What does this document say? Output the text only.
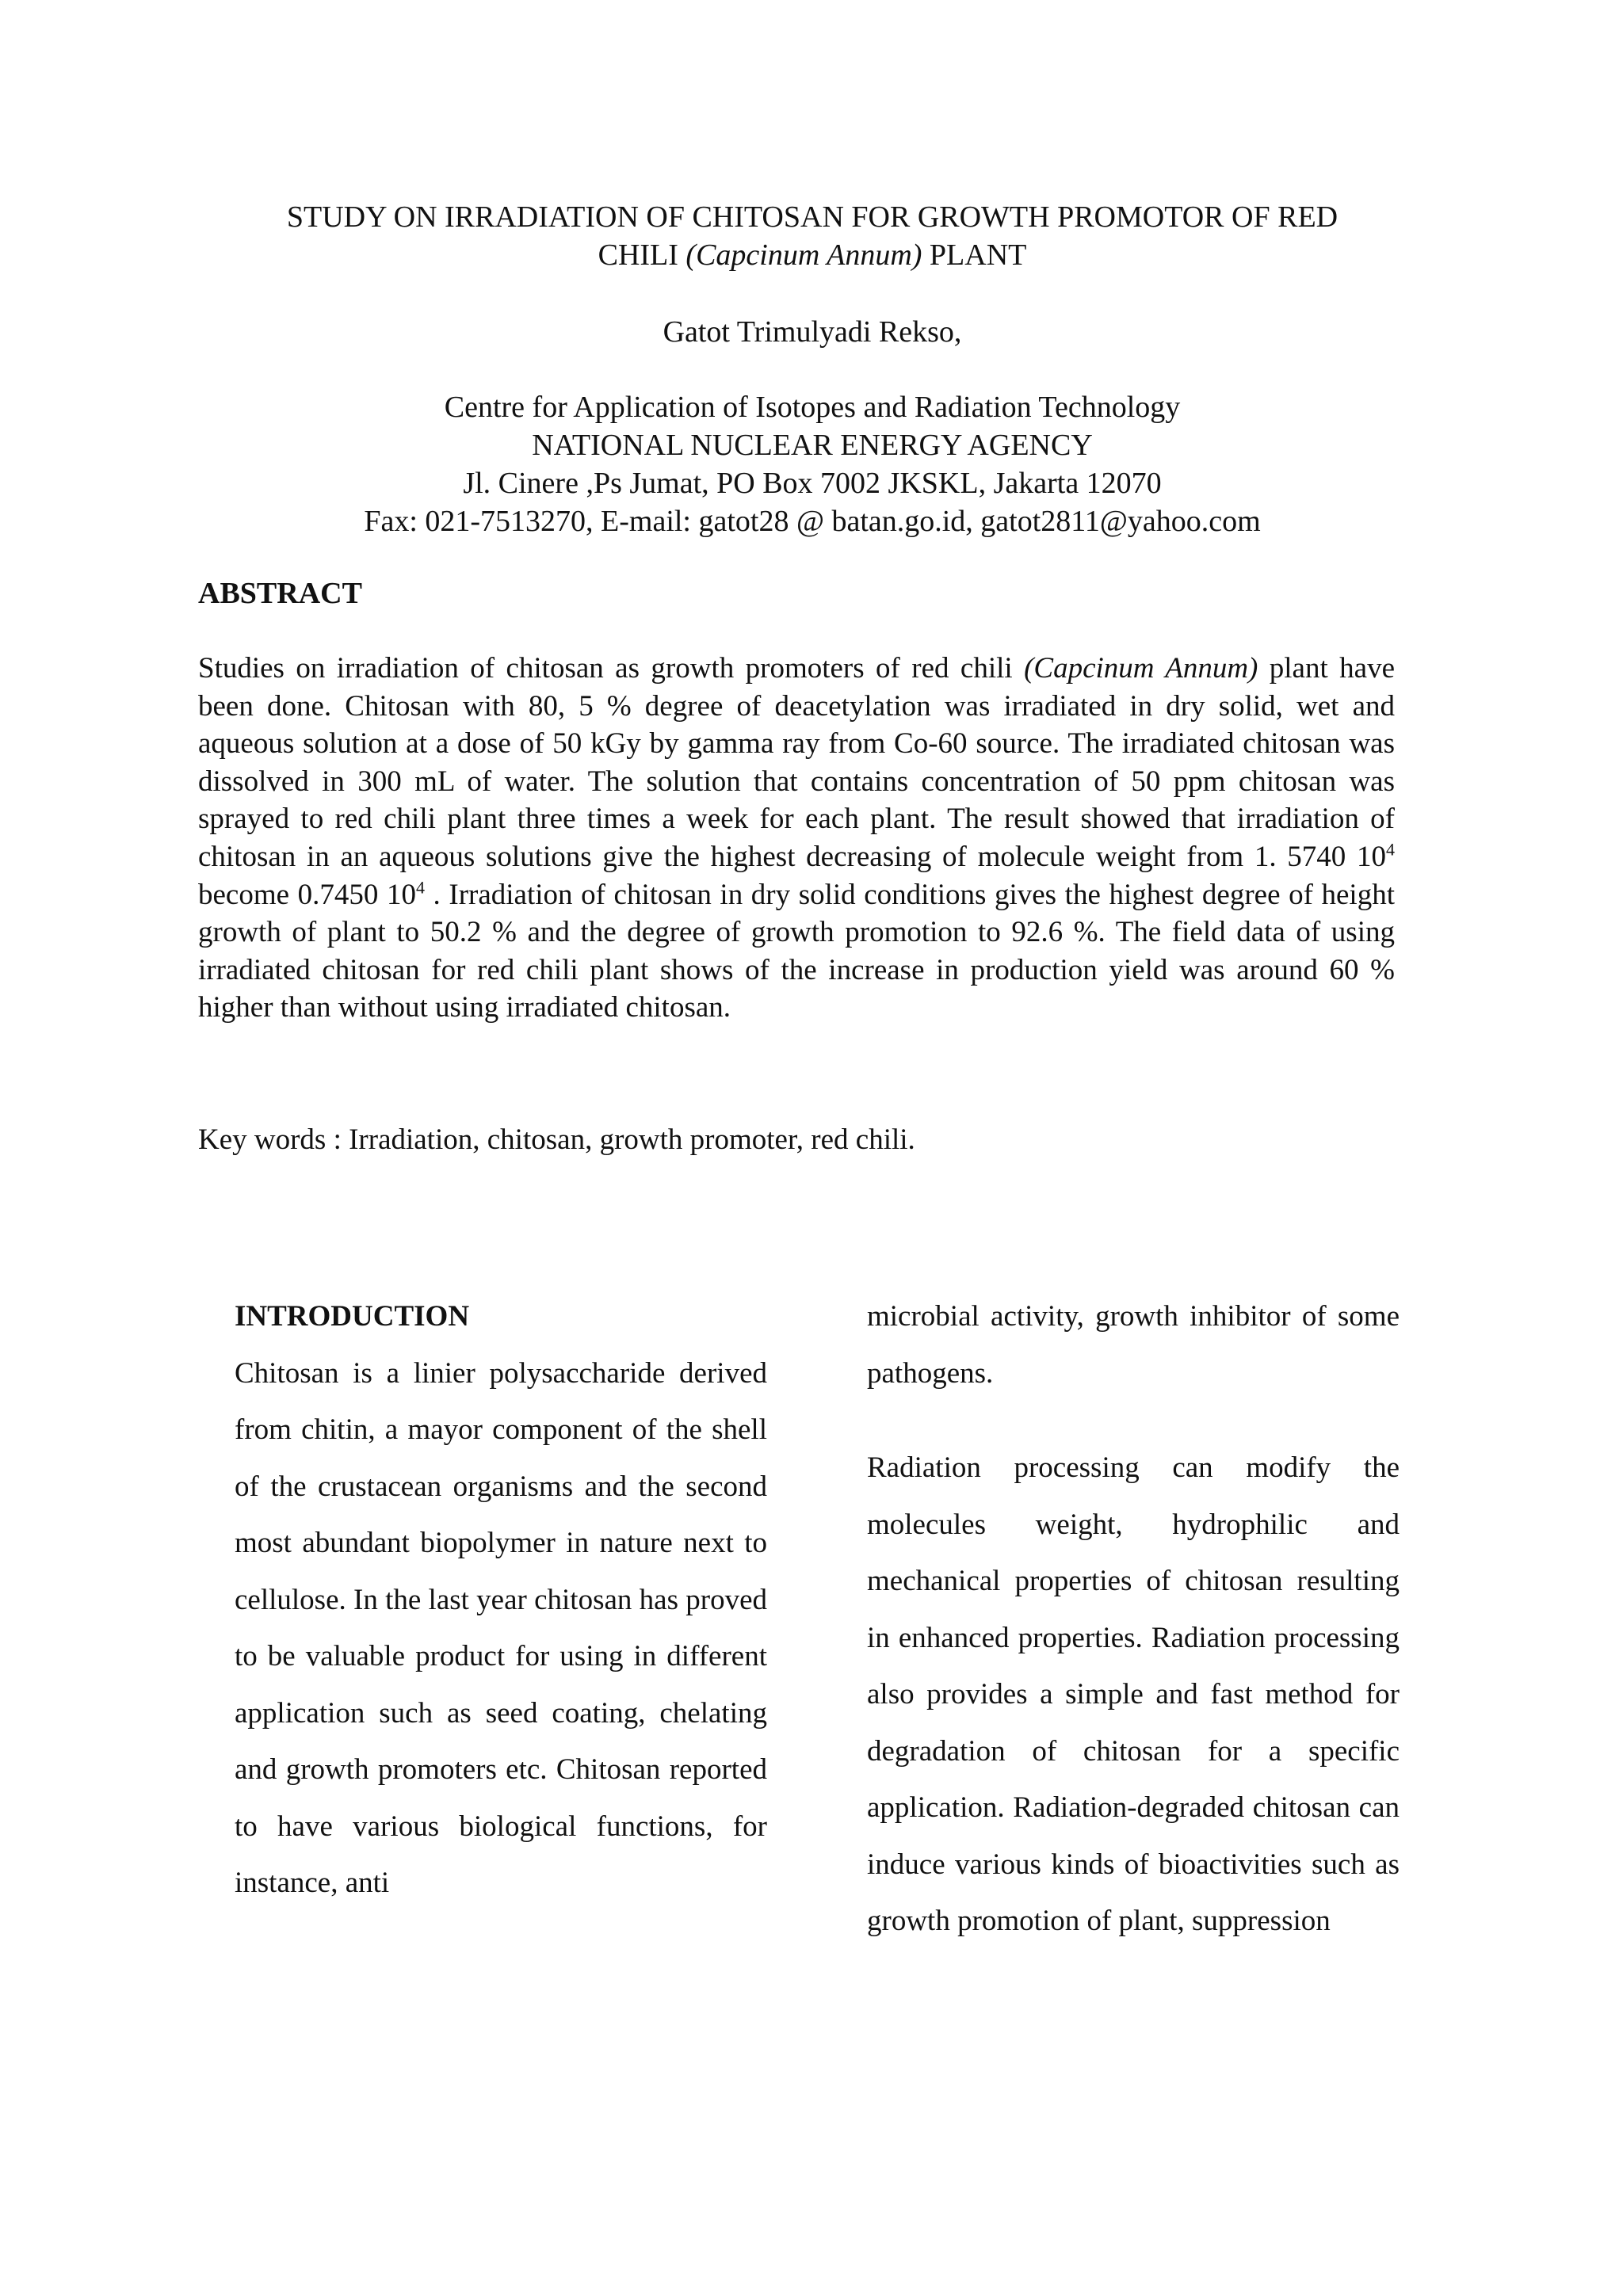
STUDY ON IRRADIATION OF CHITOSAN FOR GROWTH PROMOTOR OF RED
CHILI (Capcinum Annum) PLANT
Gatot Trimulyadi Rekso,
Centre for Application of Isotopes and Radiation Technology
NATIONAL NUCLEAR ENERGY AGENCY
Jl. Cinere ,Ps Jumat, PO Box 7002 JKSKL, Jakarta 12070
Fax: 021-7513270, E-mail: gatot28 @ batan.go.id, gatot2811@yahoo.com
ABSTRACT

Studies on irradiation of chitosan as growth promoters of red chili (Capcinum Annum) plant have been done. Chitosan with 80, 5 % degree of deacetylation was irradiated in dry solid, wet and aqueous solution at a dose of 50 kGy by gamma ray from Co-60 source. The irradiated chitosan was dissolved in 300 mL of water. The solution that contains concentration of 50 ppm chitosan was sprayed to red chili plant three times a week for each plant. The result showed that irradiation of chitosan in an aqueous solutions give the highest decreasing of molecule weight from 1. 5740 $10^4$ become 0.7450 $10^4$ . Irradiation of chitosan in dry solid conditions gives the highest degree of height growth of plant to 50.2 % and the degree of growth promotion to 92.6 %. The field data of using irradiated chitosan for red chili plant shows of the increase in production yield was around 60 % higher than without using irradiated chitosan.

Key words : Irradiation, chitosan, growth promoter, red chili.
INTRODUCTION

Chitosan is a linier polysaccharide derived from chitin, a mayor component of the shell of the crustacean organisms and the second most abundant biopolymer in nature next to cellulose. In the last year chitosan has proved to be valuable product for using in different application such as seed coating, chelating and growth promoters etc. Chitosan reported to have various biological functions, for instance, anti

microbial activity, growth inhibitor of some pathogens.

Radiation processing can modify the molecules weight, hydrophilic and mechanical properties of chitosan resulting in enhanced properties. Radiation processing also provides a simple and fast method for degradation of chitosan for a specific application. Radiation-degraded chitosan can induce various kinds of bioactivities such as growth promotion of plant, suppression
